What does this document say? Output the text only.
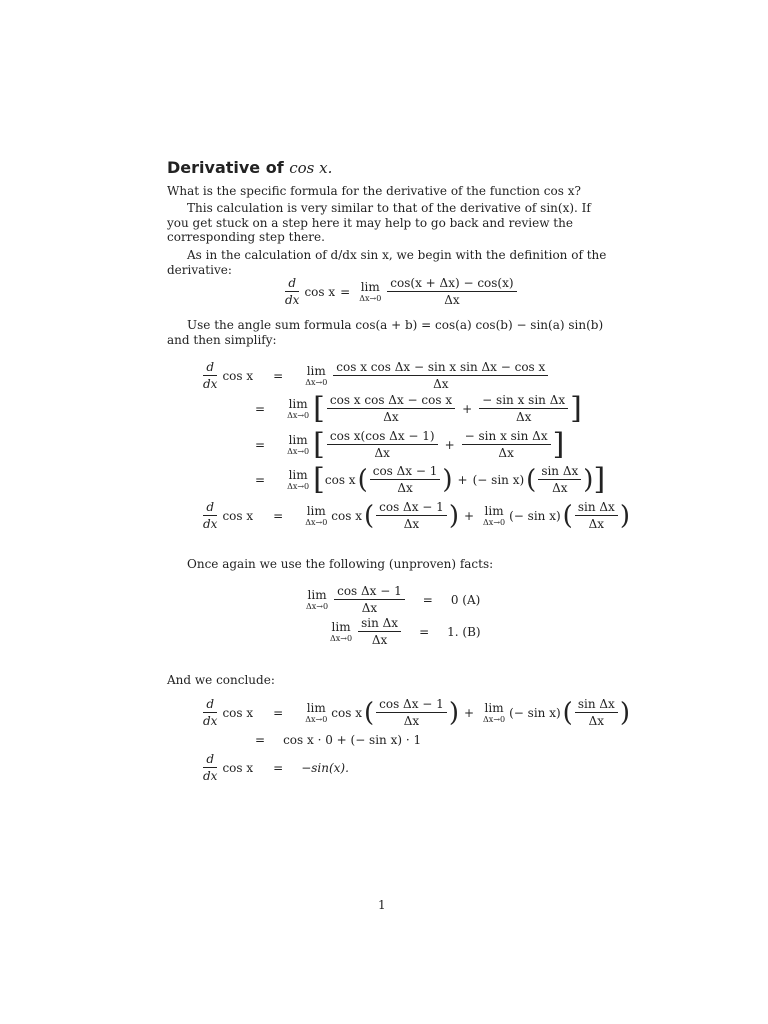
Derivative of cos x.
What is the specific formula for the derivative of the function cos x?
This calculation is very similar to that of the derivative of sin(x). If you get stuck on a step here it may help to go back and review the corresponding step there.
As in the calculation of d/dx sin x, we begin with the definition of the derivative:
$\frac{d}{dx}$ cos x = lim
$\Delta x\to 0 \frac{\cos(x + \Delta x) - \cos(x)}{\Delta x}$
Use the angle sum formula cos(a + b) = cos(a) cos(b) − sin(a) sin(b) and then simplify:
$\frac{d}{dx}$ cos x = lim
$\Delta x\to 0 \frac{\text{cos x cos Δx − sin x sin Δx − cos x}}{\Delta x}$
= lim
Δx→0 [ $\frac{\text{cos x cos Δx − cos x}}{\Delta x} + \frac{\text{− sin x sin Δx}}{\Delta x}$ ]
= lim
Δx→0 [ $\frac{\text{cos x(cos Δx − 1)}}{\Delta x} + \frac{\text{− sin x sin Δx}}{\Delta x}$ ]
= lim
Δx→0 [ cos x ( $\frac{\text{cos Δx − 1}}{\Delta x}$ ) + (− sin x) ( $\frac{\text{sin Δx}}{\Delta x}$ ) ]
$\frac{d}{dx}$ cos x = lim
Δx→0 cos x ( $\frac{\text{cos Δx − 1}}{\Delta x}$ ) + lim
Δx→0 (− sin x) ( $\frac{\text{sin Δx}}{\Delta x}$ )
Once again we use the following (unproven) facts:
lim
$\Delta x\to 0 \frac{\text{cos Δx − 1}}{\Delta x} = 0$ (A)
lim
$\Delta x\to 0 \frac{\text{sin Δx}}{\Delta x} = 1$. (B)
And we conclude:
$\frac{d}{dx}$ cos x = lim
Δx→0 cos x ( $\frac{\text{cos Δx − 1}}{\Delta x}$ ) + lim
Δx→0 (− sin x) ( $\frac{\text{sin Δx}}{\Delta x}$ )
= cos x · 0 + (− sin x) · 1
$\frac{d}{dx}$ cos x = −sin(x).
1
